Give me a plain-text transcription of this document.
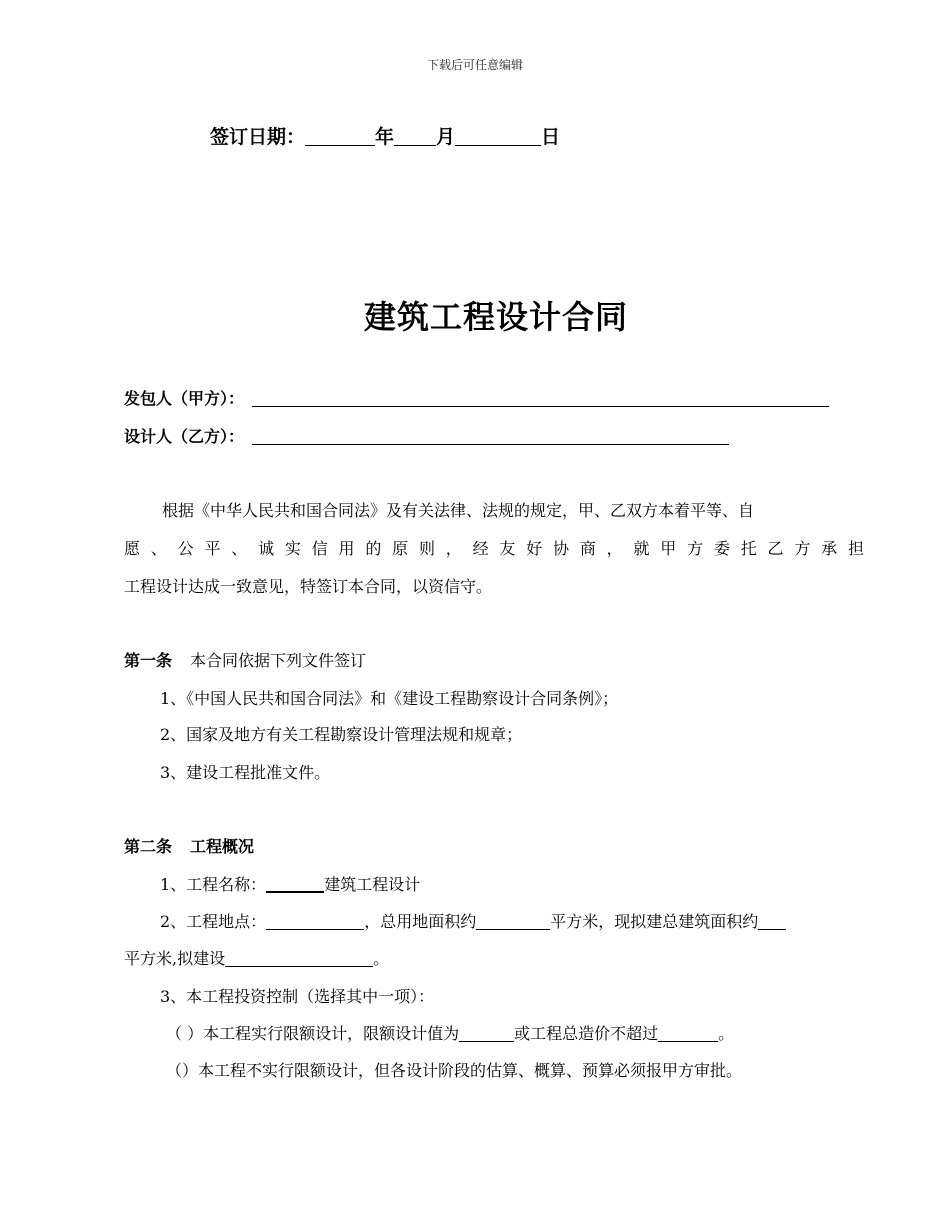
下载后可任意编辑
签订日期：	年 月	日
建筑工程设计合同
发包人（甲方）：
设计人（乙方）：
根据《中华人民共和国合同法》及有关法律、法规的规定，甲、乙双方本着平等、自
愿、公平、诚实信用的原则，经友好协商，就甲方委托乙方承担
工程设计达成一致意见，特签订本合同，以资信守。
第一条 本合同依据下列文件签订
1、《中国人民共和国合同法》和《建设工程勘察设计合同条例》；
2、国家及地方有关工程勘察设计管理法规和规章；
3、建设工程批准文件。
第二条 工程概况
1、工程名称：	建筑工程设计
2、工程地点：	，总用地面积约	平方米，现拟建总建筑面积约
平方米,拟建设	。
3、本工程投资控制（选择其中一项）：
（ ）本工程实行限额设计，限额设计值为	或工程总造价不超过	。
（）本工程不实行限额设计，但各设计阶段的估算、概算、预算必须报甲方审批。
